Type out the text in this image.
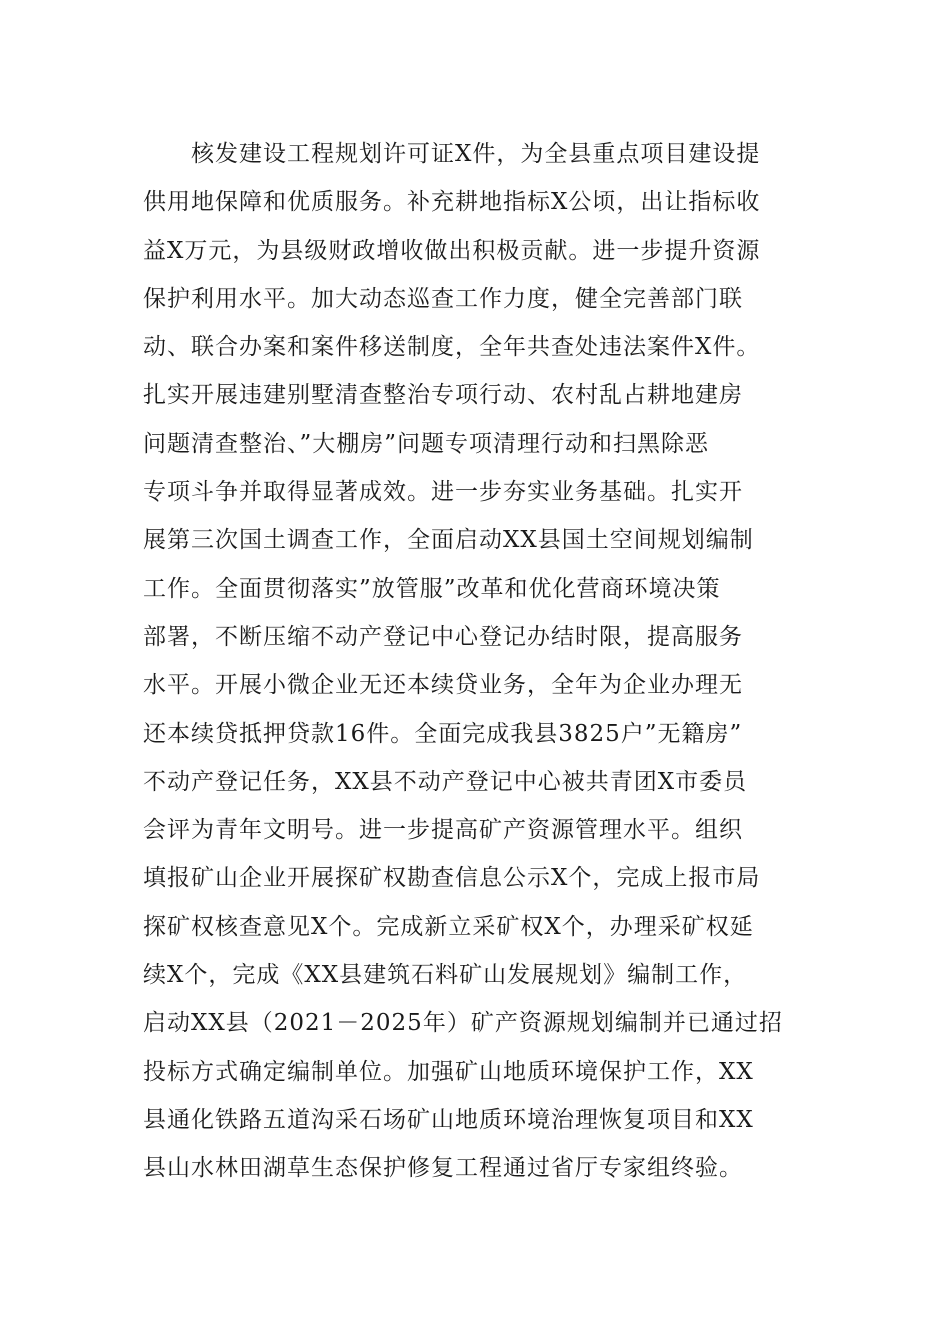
核发建设工程规划许可证X件，为全县重点项目建设提
供用地保障和优质服务。补充耕地指标X公顷，出让指标收
益X万元，为县级财政增收做出积极贡献。进一步提升资源
保护利用水平。加大动态巡查工作力度，健全完善部门联
动、联合办案和案件移送制度，全年共查处违法案件X件。
扎实开展违建别墅清查整治专项行动、农村乱占耕地建房
问题清查整治、”大棚房”问题专项清理行动和扫黑除恶
专项斗争并取得显著成效。进一步夯实业务基础。扎实开
展第三次国土调查工作，全面启动XX县国土空间规划编制
工作。全面贯彻落实”放管服”改革和优化营商环境决策
部署，不断压缩不动产登记中心登记办结时限，提高服务
水平。开展小微企业无还本续贷业务，全年为企业办理无
还本续贷抵押贷款16件。全面完成我县3825户”无籍房”
不动产登记任务，XX县不动产登记中心被共青团X市委员
会评为青年文明号。进一步提高矿产资源管理水平。组织
填报矿山企业开展探矿权勘查信息公示X个，完成上报市局
探矿权核查意见X个。完成新立采矿权X个，办理采矿权延
续X个，完成《XX县建筑石料矿山发展规划》编制工作，
启动XX县（2021－2025年）矿产资源规划编制并已通过招
投标方式确定编制单位。加强矿山地质环境保护工作，XX
县通化铁路五道沟采石场矿山地质环境治理恢复项目和XX
县山水林田湖草生态保护修复工程通过省厅专家组终验。
